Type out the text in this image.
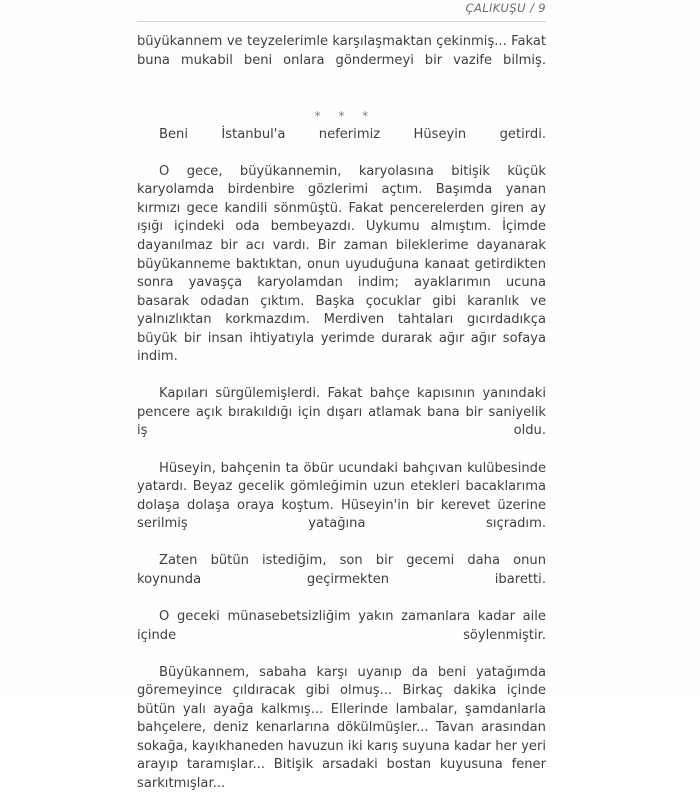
ÇALIKUŞU / 9

büyükannem ve teyzelerimle karşılaşmaktan çekinmiş... Fakat buna mukabil beni onlara göndermeyi bir vazife bilmiş.

* * *

Beni İstanbul'a neferimiz Hüseyin getirdi.

O gece, büyükannemin, karyolasına bitişik küçük karyolamda birdenbire gözlerimi açtım. Başımda yanan kırmızı gece kandili sönmüştü. Fakat pencerelerden giren ay ışığı içindeki oda bembeyazdı. Uykumu almıştım. İçimde dayanılmaz bir acı vardı. Bir zaman bileklerime dayanarak büyükanneme baktıktan, onun uyuduğuna kanaat getirdikten sonra yavaşça karyolamdan indim; ayaklarımın ucuna basarak odadan çıktım. Başka çocuklar gibi karanlık ve yalnızlıktan korkmazdım. Merdiven tahtaları gıcırdadıkça büyük bir insan ihtiyatıyla yerimde durarak ağır ağır sofaya indim.

Kapıları sürgülemişlerdi. Fakat bahçe kapısının yanındaki pencere açık bırakıldığı için dışarı atlamak bana bir saniyelik iş oldu.

Hüseyin, bahçenin ta öbür ucundaki bahçıvan kulübesinde yatardı. Beyaz gecelik gömleğimin uzun etekleri bacaklarıma dolaşa dolaşa oraya koştum. Hüseyin'in bir kerevet üzerine serilmiş yatağına sıçradım.

Zaten bütün istediğim, son bir gecemi daha onun koynunda geçirmekten ibaretti.

O geceki münasebetsizliğim yakın zamanlara kadar aile içinde söylenmiştir.

Büyükannem, sabaha karşı uyanıp da beni yatağımda göremeyince çıldıracak gibi olmuş... Birkaç dakika içinde bütün yalı ayağa kalkmış... Ellerinde lambalar, şamdanlarla bahçelere, deniz kenarlarına dökülmüşler... Tavan arasından sokağa, kayıkhaneden havuzun iki karış suyuna kadar her yeri arayıp taramışlar... Bitişik arsadaki bostan kuyusuna fener sarkıtmışlar...
